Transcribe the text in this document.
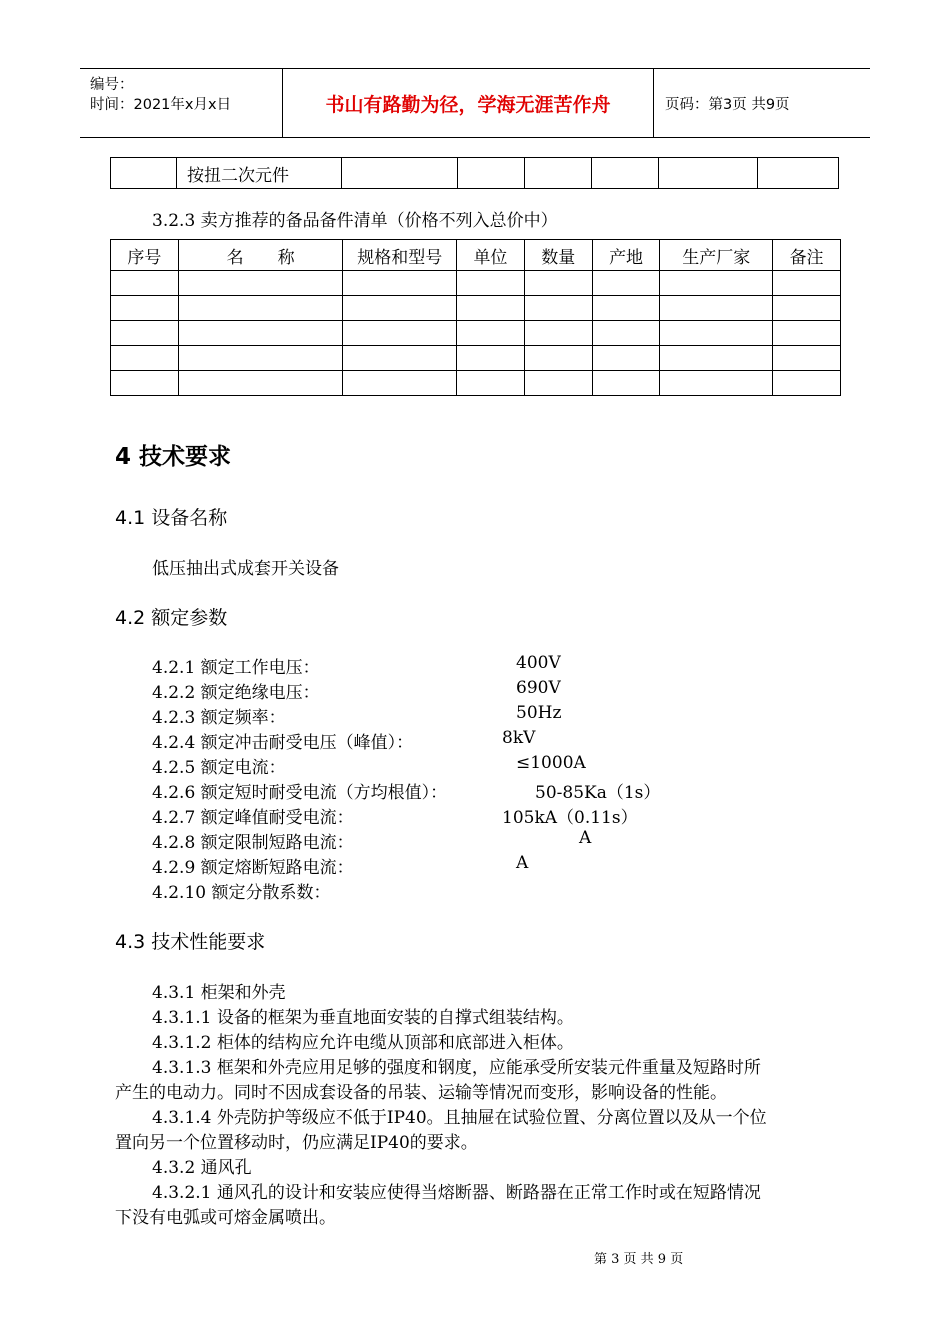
编号：
时间：2021年x月x日	书山有路勤为径，学海无涯苦作舟	页码：第3页 共9页
	按扭二次元件						
3.2.3 卖方推荐的备品备件清单（价格不列入总价中）
序号	名　　称	规格和型号	单位	数量	产地	生产厂家	备注

4 技术要求
4.1 设备名称
低压抽出式成套开关设备
4.2 额定参数
4.2.1 额定工作电压：	400V
4.2.2 额定绝缘电压：	690V
4.2.3 额定频率：	50Hz
4.2.4 额定冲击耐受电压（峰值）：	8kV
4.2.5 额定电流：	≤1000A
4.2.6 额定短时耐受电流（方均根值）：	50-85Ka（1s）
4.2.7 额定峰值耐受电流：	105kA（0.11s）
4.2.8 额定限制短路电流：	A
4.2.9 额定熔断短路电流：	A
4.2.10 额定分散系数：
4.3 技术性能要求
4.3.1 柜架和外壳
4.3.1.1 设备的框架为垂直地面安装的自撑式组装结构。
4.3.1.2 柜体的结构应允许电缆从顶部和底部进入柜体。
4.3.1.3 框架和外壳应用足够的强度和钢度，应能承受所安装元件重量及短路时所
产生的电动力。同时不因成套设备的吊装、运输等情况而变形，影响设备的性能。
4.3.1.4 外壳防护等级应不低于IP40。且抽屉在试验位置、分离位置以及从一个位
置向另一个位置移动时，仍应满足IP40的要求。
4.3.2 通风孔
4.3.2.1 通风孔的设计和安装应使得当熔断器、断路器在正常工作时或在短路情况
下没有电弧或可熔金属喷出。
第 3 页 共 9 页
